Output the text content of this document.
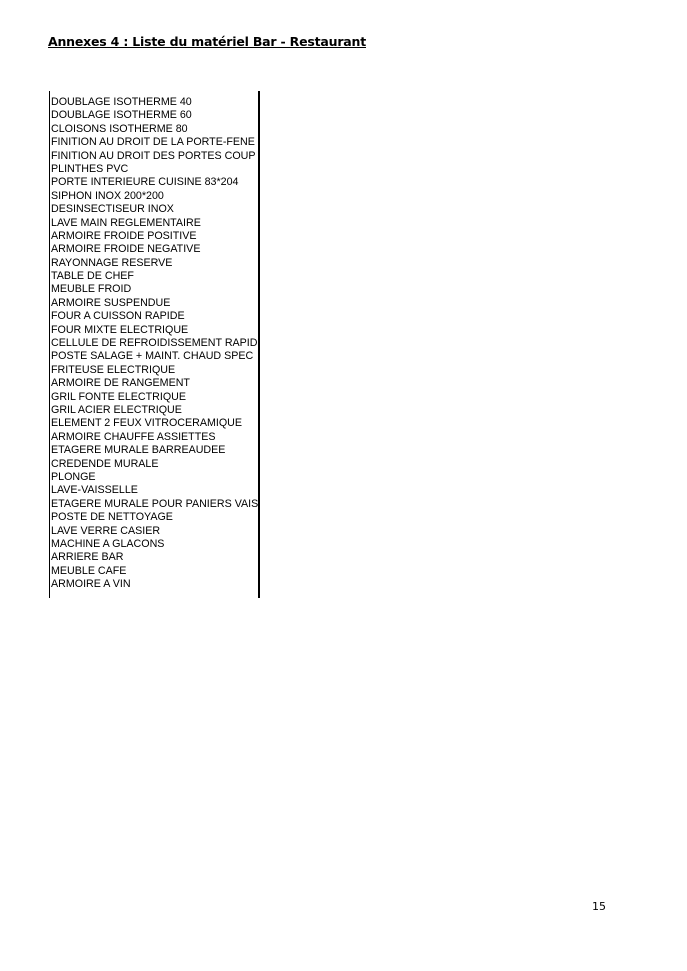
Annexes 4 : Liste du matériel Bar - Restaurant
DOUBLAGE ISOTHERME 40
DOUBLAGE ISOTHERME 60
CLOISONS ISOTHERME 80
FINITION AU DROIT DE LA PORTE-FENE
FINITION AU DROIT DES PORTES COUP
PLINTHES PVC
PORTE INTERIEURE CUISINE 83*204
SIPHON INOX 200*200
DESINSECTISEUR INOX
LAVE MAIN REGLEMENTAIRE
ARMOIRE FROIDE POSITIVE
ARMOIRE FROIDE NEGATIVE
RAYONNAGE RESERVE
TABLE DE CHEF
MEUBLE FROID
ARMOIRE SUSPENDUE
FOUR A CUISSON RAPIDE
FOUR MIXTE ELECTRIQUE
CELLULE DE REFROIDISSEMENT RAPID
POSTE SALAGE + MAINT. CHAUD SPEC
FRITEUSE ELECTRIQUE
ARMOIRE DE RANGEMENT
GRIL FONTE ELECTRIQUE
GRIL ACIER ELECTRIQUE
ELEMENT 2 FEUX VITROCERAMIQUE
ARMOIRE CHAUFFE ASSIETTES
ETAGERE MURALE BARREAUDEE
CREDENDE MURALE
PLONGE
LAVE-VAISSELLE
ETAGERE MURALE POUR PANIERS VAIS
POSTE DE NETTOYAGE
LAVE VERRE CASIER
MACHINE A GLACONS
ARRIERE BAR
MEUBLE CAFE
ARMOIRE A VIN
15
